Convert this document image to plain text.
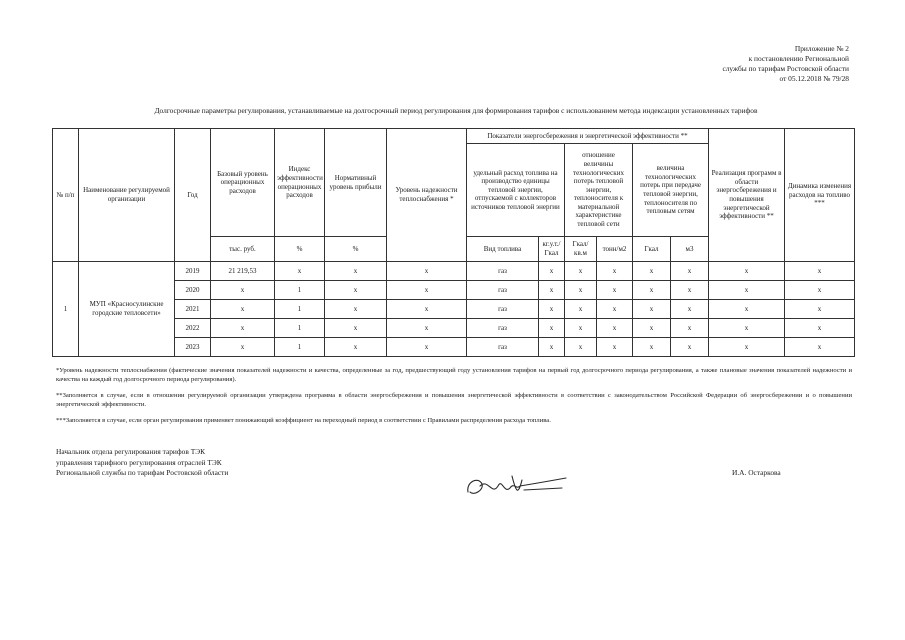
Приложение № 2
к постановлению Региональной
службы по тарифам Ростовской области
от 05.12.2018 № 79/28
Долгосрочные параметры регулирования, устанавливаемые на долгосрочный период регулирования для формирования тарифов с использованием метода индексации установленных тарифов
№ п/п	Наименование регулируемой организации	Год	Базовый уровень операционных расходов	Индекс эффективности операционных расходов	Нормативный уровень прибыли	Уровень надежности теплоснабжения *	Показатели энергосбережения и энергетической эффективности **						Реализация программ в области энергосбережения и повышения энергетической эффективности **	Динамика изменения расходов на топливо ***
							удельный расход топлива на производство единицы тепловой энергии, отпускаемой с коллекторов источников тепловой энергии		отношение величины технологических потерь тепловой энергии, теплоносителя к материальной характеристике тепловой сети		величина технологических потерь при передаче тепловой энергии, теплоносителя по тепловым сетям			
			тыс. руб.	%	%		Вид топлива	кг.у.т./Гкал	Гкал/ кв.м	тонн/м2	Гкал	м3		
1	МУП «Красносулинские городские тепловсети»	2019	21 219,53	x	x	x	газ	x	x	x	x	x	x	x
		2020	x	1	x	x	газ	x	x	x	x	x	x	x
		2021	x	1	x	x	газ	x	x	x	x	x	x	x
		2022	x	1	x	x	газ	x	x	x	x	x	x	x
		2023	x	1	x	x	газ	x	x	x	x	x	x	x

*Уровень надежности теплоснабжения (фактические значения показателей надежности и качества, определенные за год, предшествующий году установления тарифов на первый год долгосрочного периода регулирования, а также плановые значения показателей надежности и качества на каждый год долгосрочного периода регулирования).

**Заполняется в случае, если в отношении регулируемой организации утверждена программа в области энергосбережения и повышения энергетической эффективности в соответствии с законодательством Российской Федерации об энергосбережении и о повышении энергетической эффективности.

***Заполняется в случае, если орган регулирования применяет понижающий коэффициент на переходный период в соответствии с Правилами распределения расхода топлива.

Начальник отдела регулирования тарифов ТЭК
управления тарифного регулирования отраслей ТЭК
Региональной службы по тарифам Ростовской области	И.А. Остаркова
